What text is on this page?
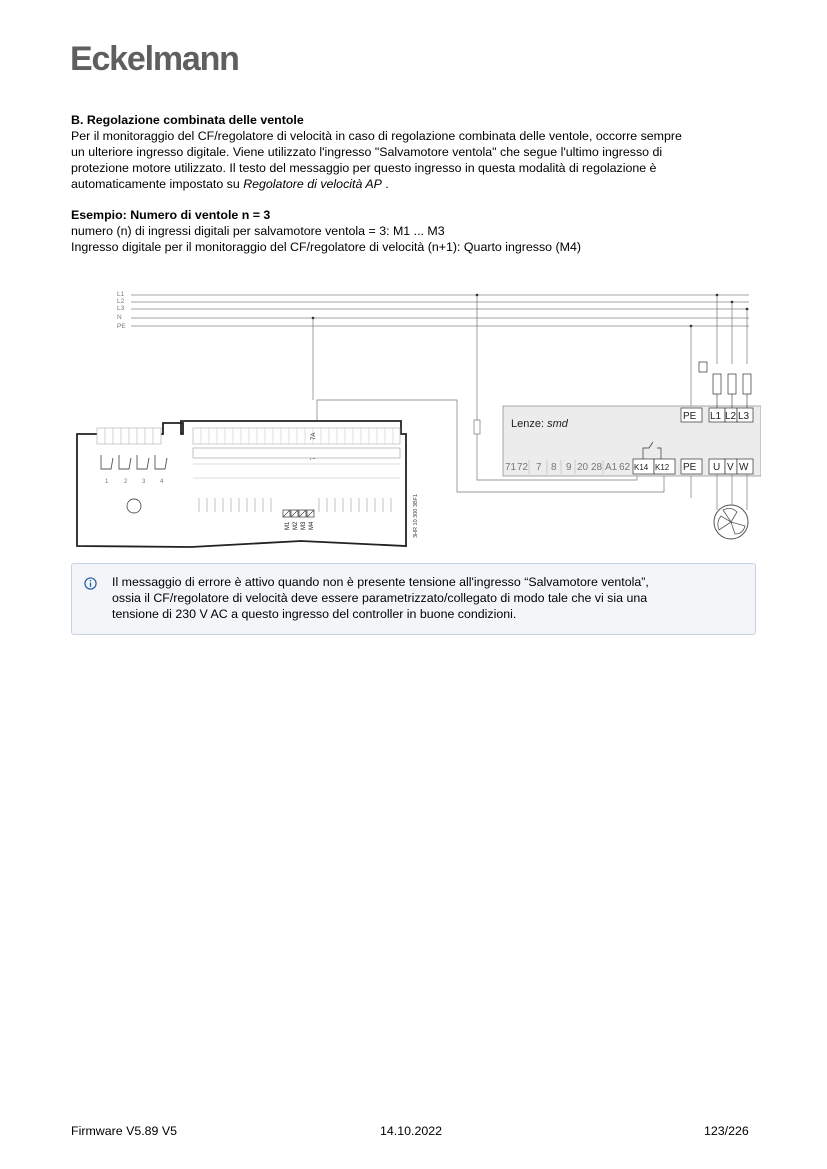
Eckelmann
B. Regolazione combinata delle ventole
Per il monitoraggio del CF/regolatore di velocità in caso di regolazione combinata delle ventole, occorre sempre
un ulteriore ingresso digitale. Viene utilizzato l'ingresso "Salvamotore ventola" che segue l'ultimo ingresso di
protezione motore utilizzato. Il testo del messaggio per questo ingresso in questa modalità di regolazione è
automaticamente impostato su Regolatore di velocità AP .
Esempio: Numero di ventole n = 3
numero (n) di ingressi digitali per salvamotore ventola = 3: M1 ... M3
Ingresso digitale per il monitoraggio del CF/regolatore di velocità (n+1): Quarto ingresso (M4)
L1
L2
L3
N
PE
1	2 3 4
7A
M1 M2 M3 M4	3HR 10 300 3BF1
Lenze: smd
71 72 7 8 9 20 28 A1 62 K14 K12
PE L1 L2 L3
PE U V W
Il messaggio di errore è attivo quando non è presente tensione all'ingresso “Salvamotore ventola”,
ossia il CF/regolatore di velocità deve essere parametrizzato/collegato di modo tale che vi sia una
tensione di 230 V AC a questo ingresso del controller in buone condizioni.
Firmware V5.89 V5	14.10.2022	123/226
